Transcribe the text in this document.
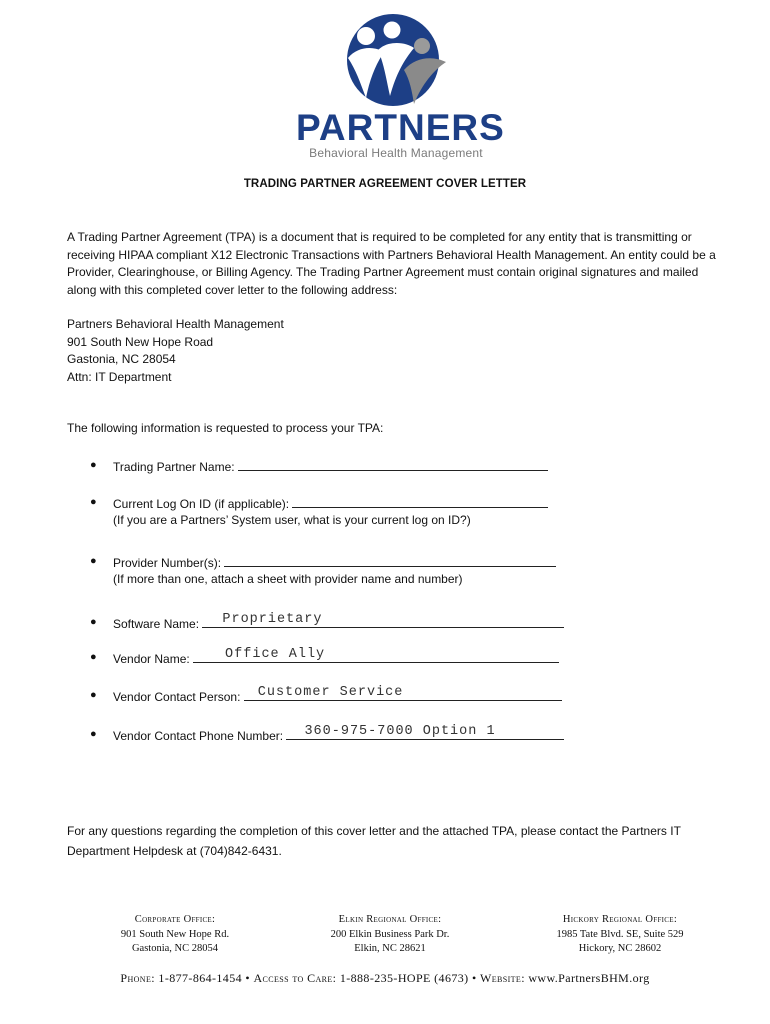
PARTNERS
Behavioral Health Management
TRADING PARTNER AGREEMENT COVER LETTER

A Trading Partner Agreement (TPA) is a document that is required to be completed for any entity that is transmitting or receiving HIPAA compliant X12 Electronic Transactions with Partners Behavioral Health Management. An entity could be a Provider, Clearinghouse, or Billing Agency. The Trading Partner Agreement must contain original signatures and mailed along with this completed cover letter to the following address:

Partners Behavioral Health Management
901 South New Hope Road
Gastonia, NC 28054
Attn: IT Department

The following information is requested to process your TPA:

● Trading Partner Name:
● Current Log On ID (if applicable):
(If you are a Partners’ System user, what is your current log on ID?)
● Provider Number(s):
(If more than one, attach a sheet with provider name and number)
● Software Name: Proprietary
● Vendor Name: Office Ally
● Vendor Contact Person: Customer Service
● Vendor Contact Phone Number: 360-975-7000 Option 1

For any questions regarding the completion of this cover letter and the attached TPA, please contact the Partners IT Department Helpdesk at (704)842-6431.

Corporate Office:
901 South New Hope Rd.
Gastonia, NC 28054
Elkin Regional Office:
200 Elkin Business Park Dr.
Elkin, NC 28621
Hickory Regional Office:
1985 Tate Blvd. SE, Suite 529
Hickory, NC 28602
Phone: 1-877-864-1454 • Access to Care: 1-888-235-HOPE (4673) • Website: www.PartnersBHM.org
